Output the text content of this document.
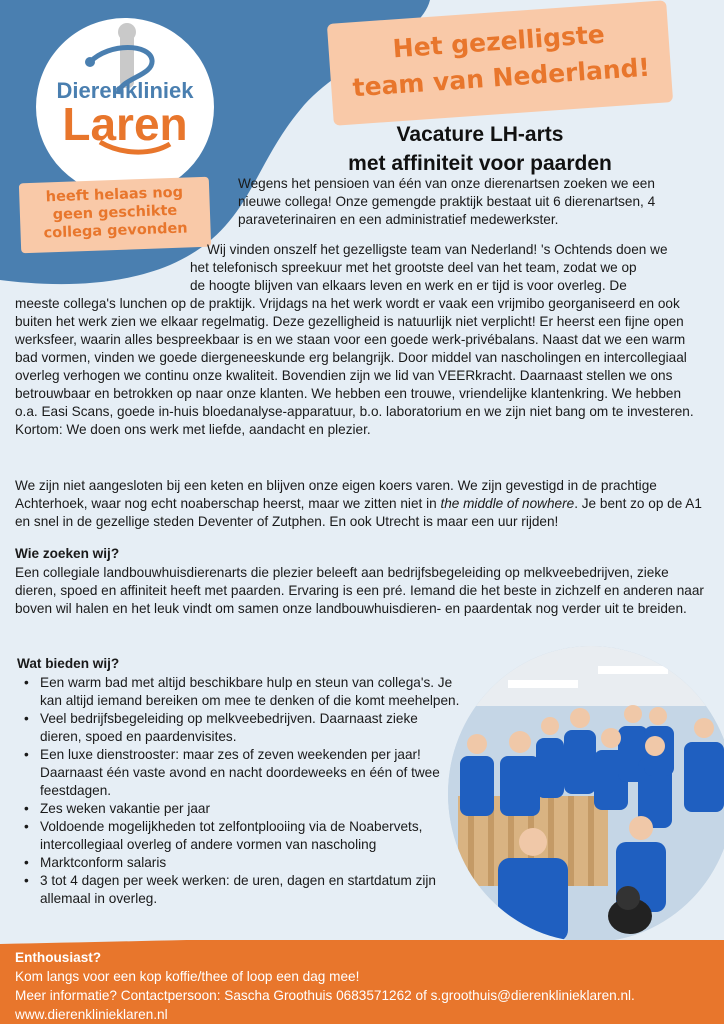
Dierenkliniek
Laren
heeft helaas nog
geen geschikte
collega gevonden
Het gezelligste
team van Nederland!
Vacature LH-arts
met affiniteit voor paarden

Wegens het pensioen van één van onze dierenartsen zoeken we een nieuwe collega! Onze gemengde praktijk bestaat uit 6 dierenartsen, 4 paraveterinairen en een administratief medewerkster.

Wij vinden onszelf het gezelligste team van Nederland! 's Ochtends doen we
het telefonisch spreekuur met het grootste deel van het team, zodat we op
de hoogte blijven van elkaars leven en werk en er tijd is voor overleg. De
meeste collega's lunchen op de praktijk. Vrijdags na het werk wordt er vaak een vrijmibo georganiseerd en ook buiten het werk zien we elkaar regelmatig. Deze gezelligheid is natuurlijk niet verplicht! Er heerst een fijne open werksfeer, waarin alles bespreekbaar is en we staan voor een goede werk-privébalans. Naast dat we een warm bad vormen, vinden we goede diergeneeskunde erg belangrijk. Door middel van nascholingen en intercollegiaal overleg verhogen we continu onze kwaliteit. Bovendien zijn we lid van VEERkracht. Daarnaast stellen we ons betrouwbaar en betrokken op naar onze klanten. We hebben een trouwe, vriendelijke klantenkring. We hebben o.a. Easi Scans, goede in-huis bloedanalyse-apparatuur, b.o. laboratorium en we zijn niet bang om te investeren. Kortom: We doen ons werk met liefde, aandacht en plezier.

We zijn niet aangesloten bij een keten en blijven onze eigen koers varen. We zijn gevestigd in de prachtige Achterhoek, waar nog echt noaberschap heerst, maar we zitten niet in the middle of nowhere. Je bent zo op de A1 en snel in de gezellige steden Deventer of Zutphen. En ook Utrecht is maar een uur rijden!

Wie zoeken wij?

Een collegiale landbouwhuisdierenarts die plezier beleeft aan bedrijfsbegeleiding op melkveebedrijven, zieke dieren, spoed en affiniteit heeft met paarden. Ervaring is een pré. Iemand die het beste in zichzelf en anderen naar boven wil halen en het leuk vindt om samen onze landbouwhuisdieren- en paardentak nog verder uit te breiden.

Wat bieden wij?
• Een warm bad met altijd beschikbare hulp en steun van collega's. Je kan altijd iemand bereiken om mee te denken of die komt meehelpen.
• Veel bedrijfsbegeleiding op melkveebedrijven. Daarnaast zieke dieren, spoed en paardenvisites.
• Een luxe dienstrooster: maar zes of zeven weekenden per jaar! Daarnaast één vaste avond en nacht doordeweeks en één of twee feestdagen.
• Zes weken vakantie per jaar
• Voldoende mogelijkheden tot zelfontplooiing via de Noabervets, intercollegiaal overleg of andere vormen van nascholing
• Marktconform salaris
• 3 tot 4 dagen per week werken: de uren, dagen en startdatum zijn allemaal in overleg.
Enthousiast?
Kom langs voor een kop koffie/thee of loop een dag mee!
Meer informatie? Contactpersoon: Sascha Groothuis 0683571262 of s.groothuis@dierenklinieklaren.nl.
www.dierenklinieklaren.nl
